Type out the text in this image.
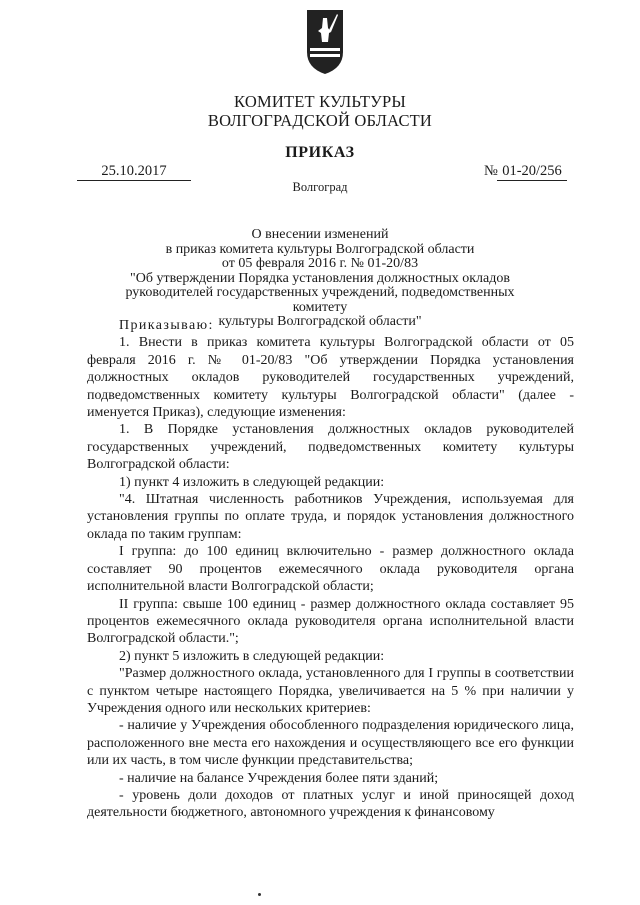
КОМИТЕТ КУЛЬТУРЫ
ВОЛГОГРАДСКОЙ ОБЛАСТИ
ПРИКАЗ
25.10.2017	№ 01-20/256
Волгоград
О внесении изменений
в приказ комитета культуры Волгоградской области
от 05 февраля 2016 г. № 01-20/83
"Об утверждении Порядка установления должностных окладов
руководителей государственных учреждений, подведомственных комитету
культуры Волгоградской области"

Приказываю:

1. Внести в приказ комитета культуры Волгоградской области от 05 февраля 2016 г. № 01-20/83 "Об утверждении Порядка установления должностных окладов руководителей государственных учреждений, подведомственных комитету культуры Волгоградской области" (далее - именуется Приказ), следующие изменения:

1. В Порядке установления должностных окладов руководителей государственных учреждений, подведомственных комитету культуры Волгоградской области:

1) пункт 4 изложить в следующей редакции:

"4. Штатная численность работников Учреждения, используемая для установления группы по оплате труда, и порядок установления должностного оклада по таким группам:

I группа: до 100 единиц включительно - размер должностного оклада составляет 90 процентов ежемесячного оклада руководителя органа исполнительной власти Волгоградской области;

II группа: свыше 100 единиц - размер должностного оклада составляет 95 процентов ежемесячного оклада руководителя органа исполнительной власти Волгоградской области.";

2) пункт 5 изложить в следующей редакции:

"Размер должностного оклада, установленного для I группы в соответствии с пунктом четыре настоящего Порядка, увеличивается на 5 % при наличии у Учреждения одного или нескольких критериев:

- наличие у Учреждения обособленного подразделения юридического лица, расположенного вне места его нахождения и осуществляющего все его функции или их часть, в том числе функции представительства;

- наличие на балансе Учреждения более пяти зданий;

- уровень доли доходов от платных услуг и иной приносящей доход деятельности бюджетного, автономного учреждения к финансовому
